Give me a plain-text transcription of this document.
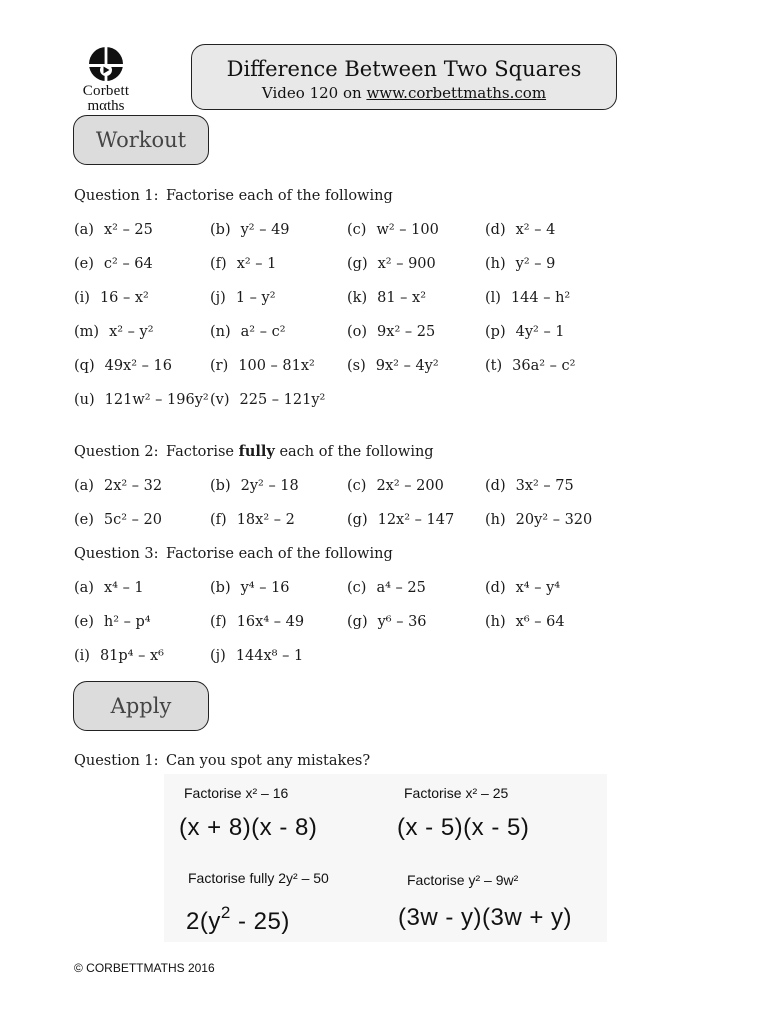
Corbett
mαths
Difference Between Two Squares
Video 120 on www.corbettmaths.com
Workout
Question 1: Factorise each of the following
Question 2: Factorise fully each of the following
Question 3: Factorise each of the following
(a) x² – 25	(b) y² – 49	(c) w² – 100	(d) x² – 4
(e) c² – 64	(f) x² – 1	(g) x² – 900	(h) y² – 9
(i) 16 – x²	(j) 1 – y²	(k) 81 – x²	(l) 144 – h²
(m) x² – y²	(n) a² – c²	(o) 9x² – 25	(p) 4y² – 1
(q) 49x² – 16	(r) 100 – 81x² (s) 9x² – 4y²	(t) 36a² – c²
(u) 121w² – 196y² (v) 225 – 121y²
(a) 2x² – 32	(b) 2y² – 18	(c) 2x² – 200	(d) 3x² – 75
(e) 5c² – 20	(f) 18x² – 2	(g) 12x² – 147 (h) 20y² – 320
(a) x⁴ – 1	(b) y⁴ – 16	(c) a⁴ – 25	(d) x⁴ – y⁴
(e) h² – p⁴	(f) 16x⁴ – 49	(g) y⁶ – 36	(h) x⁶ – 64
(i) 81p⁴ – x⁶	(j) 144x⁸ – 1
Apply
Question 1: Can you spot any mistakes?
Factorise x² – 16
(x + 8)(x - 8)
Factorise x² – 25
(x - 5)(x - 5)
Factorise fully 2y² – 50
$2(y^2 - 25)$
Factorise y² – 9w²
(3w - y)(3w + y)
© CORBETTMATHS 2016
